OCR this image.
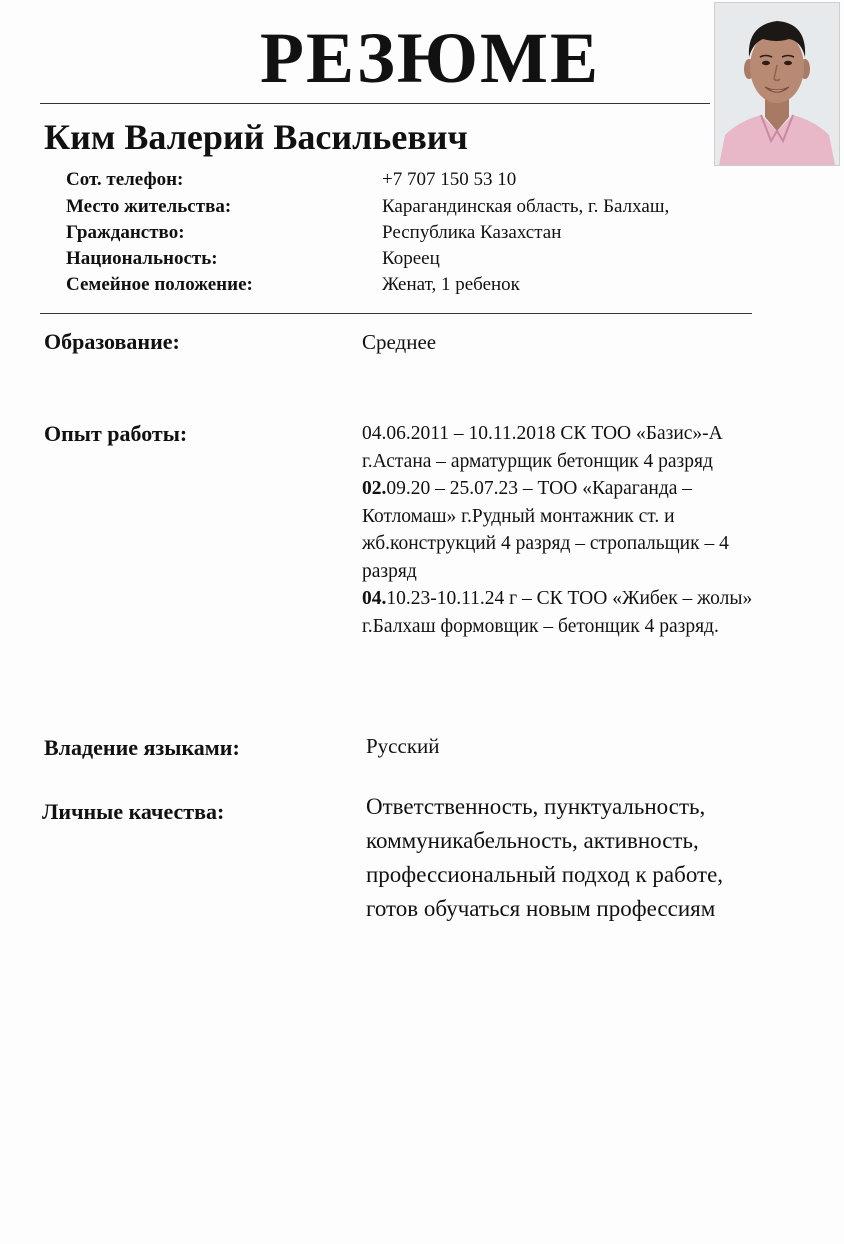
РЕЗЮМЕ
Ким Валерий Васильевич
Сот. телефон:	+7 707 150 53 10
Место жительства:	Карагандинская область, г. Балхаш,
Гражданство:	Республика Казахстан
Национальность:	Кореец
Семейное положение:	Женат, 1 ребенок
Образование:	Среднее
Опыт работы:	04.06.2011 – 10.11.2018 СК ТОО «Базис»-А
г.Астана – арматурщик бетонщик 4 разряд
02.09.20 – 25.07.23 – ТОО «Караганда –
Котломаш» г.Рудный монтажник ст. и
жб.конструкций 4 разряд – стропальщик – 4
разряд
04.10.23-10.11.24 г – СК ТОО «Жибек – жолы»
г.Балхаш формовщик – бетонщик 4 разряд.
Владение языками:	Русский
Личные качества:	Ответственность, пунктуальность,
коммуникабельность, активность,
профессиональный подход к работе,
готов обучаться новым профессиям
